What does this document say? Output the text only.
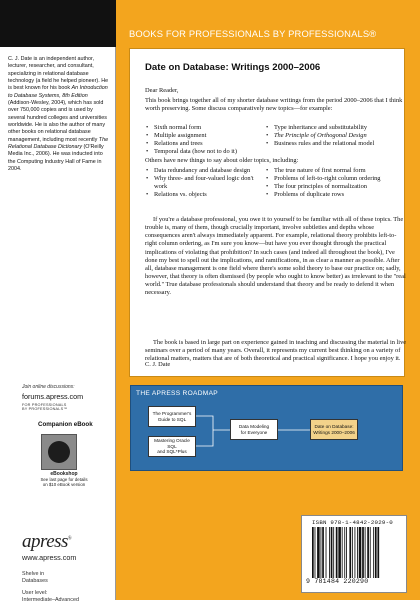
C. J. Date is an independent author, lecturer, researcher, and consultant, specializing in relational database technology (a field he helped pioneer). He is best known for his book An Introduction to Database Systems, 8th Edition (Addison-Wesley, 2004), which has sold over 750,000 copies and is used by several hundred colleges and universities worldwide. He is also the author of many other books on relational database management, including most recently The Relational Database Dictionary (O'Reilly Media Inc., 2006). He was inducted into the Computing Industry Hall of Fame in 2004.
Join online discussions:
forums.apress.com
FOR PROFESSIONALS
BY PROFESSIONALS™
Companion eBook
eBookshop
See last page for details
on $10 eBook version
apress®
www.apress.com
Shelve in
Databases
User level:
Intermediate–Advanced
BOOKS FOR PROFESSIONALS BY PROFESSIONALS®
Date on Database: Writings 2000–2006
Dear Reader,
This book brings together all of my shorter database writings from the period 2000–2006 that I think worth preserving. Some discuss comparatively new topics—for example:
• Sixth normal form
• Multiple assignment
• Relations and trees
• Temporal data (how not to do it)
• Type inheritance and substitutability
• The Principle of Orthogonal Design
• Business rules and the relational model
Others have new things to say about older topics, including:
• Data redundancy and database design
• Why three- and four-valued logic don't work
• Relations vs. objects
• The true nature of first normal form
• Problems of left-to-right column ordering
• The four principles of normalization
• Problems of duplicate rows
If you're a database professional, you owe it to yourself to be familiar with all of these topics. The trouble is, many of them, though crucially important, involve subtleties and depths whose consequences aren't always immediately apparent. For example, relational theory prohibits left-to-right column ordering, as I'm sure you know—but have you ever thought through the practical implications of violating that prohibition? In such cases (and indeed all throughout the book), I've done my best to spell out the implications, and ramifications, in as clear a manner as possible. After all, database management is one field where there's some solid theory to base our practice on; sadly, however, that theory is often dismissed (by people who ought to know better) as irrelevant to the "real world." True database professionals should understand that theory and be ready to defend it when necessary.
The book is based in large part on experience gained in teaching and discussing the material in live seminars over a period of many years. Overall, it represents my current best thinking on a variety of relational matters, matters that are of both theoretical and practical significance. I hope you enjoy it.
C. J. Date
THE APRESS ROADMAP
The Programmer's
Guide to SQL
Mastering Oracle SQL
and SQL*Plus
Data Modeling
for Everyone
Date on Database:
Writings 2000–2006
ISBN 978-1-4842-2029-0
9 781484 220290
